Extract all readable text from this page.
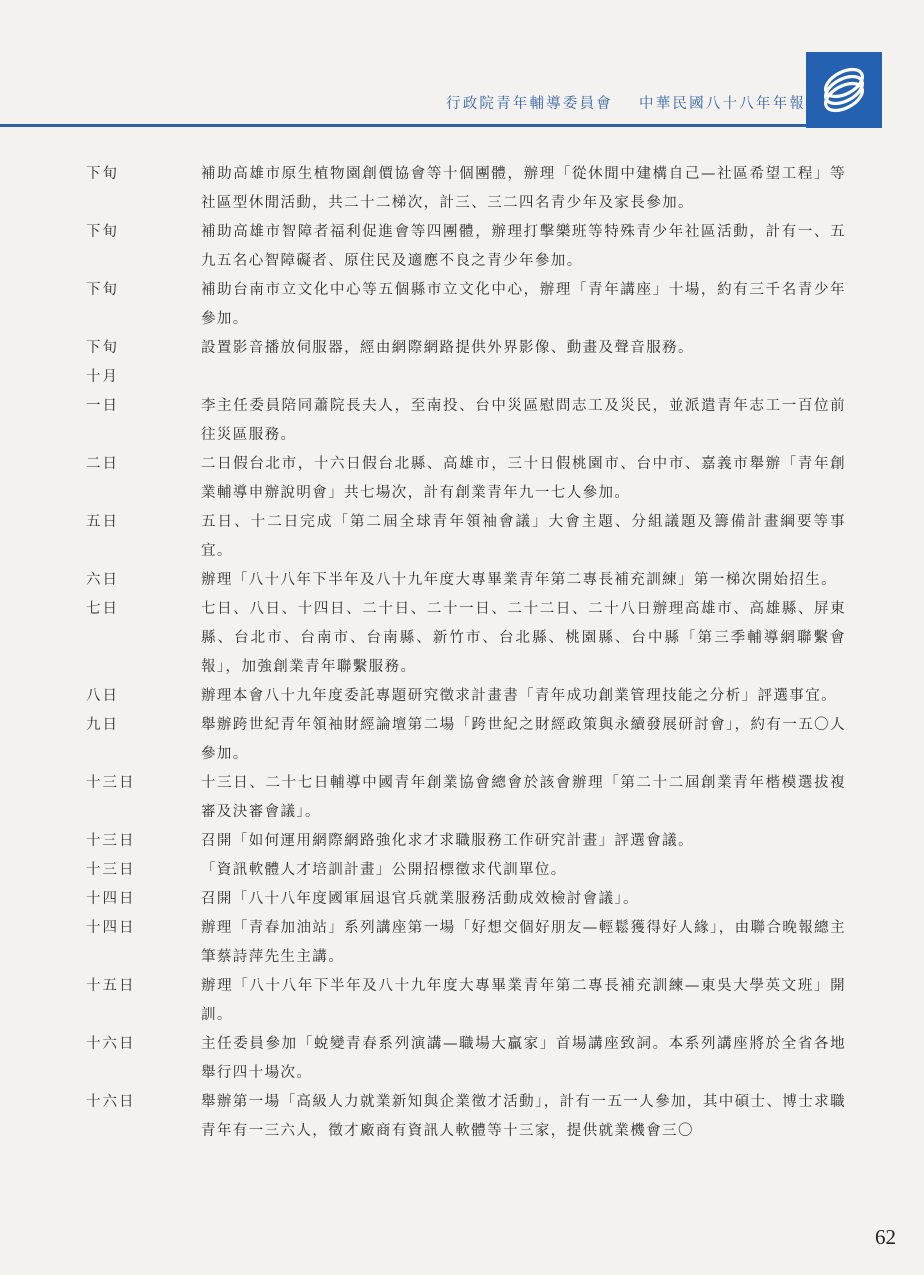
行政院青年輔導委員會 中華民國八十八年年報
下旬	補助高雄市原生植物園創價協會等十個團體，辦理「從休閒中建構自己—社區希望工程」等社區型休閒活動，共二十二梯次，計三、三二四名青少年及家長參加。
下旬	補助高雄市智障者福利促進會等四團體，辦理打擊樂班等特殊青少年社區活動，計有一、五九五名心智障礙者、原住民及適應不良之青少年參加。
下旬	補助台南市立文化中心等五個縣市立文化中心，辦理「青年講座」十場，約有三千名青少年參加。
下旬	設置影音播放伺服器，經由網際網路提供外界影像、動畫及聲音服務。
十月
一日	李主任委員陪同蕭院長夫人，至南投、台中災區慰問志工及災民，並派遣青年志工一百位前往災區服務。
二日	二日假台北市，十六日假台北縣、高雄市，三十日假桃園市、台中市、嘉義市舉辦「青年創業輔導申辦說明會」共七場次，計有創業青年九一七人參加。
五日	五日、十二日完成「第二屆全球青年領袖會議」大會主題、分組議題及籌備計畫綱要等事宜。
六日	辦理「八十八年下半年及八十九年度大專畢業青年第二專長補充訓練」第一梯次開始招生。
七日	七日、八日、十四日、二十日、二十一日、二十二日、二十八日辦理高雄市、高雄縣、屏東縣、台北市、台南市、台南縣、新竹市、台北縣、桃園縣、台中縣「第三季輔導網聯繫會報」，加強創業青年聯繫服務。
八日	辦理本會八十九年度委託專題研究徵求計畫書「青年成功創業管理技能之分析」評選事宜。
九日	舉辦跨世紀青年領袖財經論壇第二場「跨世紀之財經政策與永續發展研討會」，約有一五〇人參加。
十三日	十三日、二十七日輔導中國青年創業協會總會於該會辦理「第二十二屆創業青年楷模選拔複審及決審會議」。
十三日	召開「如何運用網際網路強化求才求職服務工作研究計畫」評選會議。
十三日	「資訊軟體人才培訓計畫」公開招標徵求代訓單位。
十四日	召開「八十八年度國軍屆退官兵就業服務活動成效檢討會議」。
十四日	辦理「青春加油站」系列講座第一場「好想交個好朋友—輕鬆獲得好人緣」，由聯合晚報總主筆蔡詩萍先生主講。
十五日	辦理「八十八年下半年及八十九年度大專畢業青年第二專長補充訓練—東吳大學英文班」開訓。
十六日	主任委員參加「蛻變青春系列演講—職場大贏家」首場講座致詞。本系列講座將於全省各地舉行四十場次。
十六日	舉辦第一場「高級人力就業新知與企業徵才活動」，計有一五一人參加，其中碩士、博士求職青年有一三六人，徵才廠商有資訊人軟體等十三家，提供就業機會三〇
62
